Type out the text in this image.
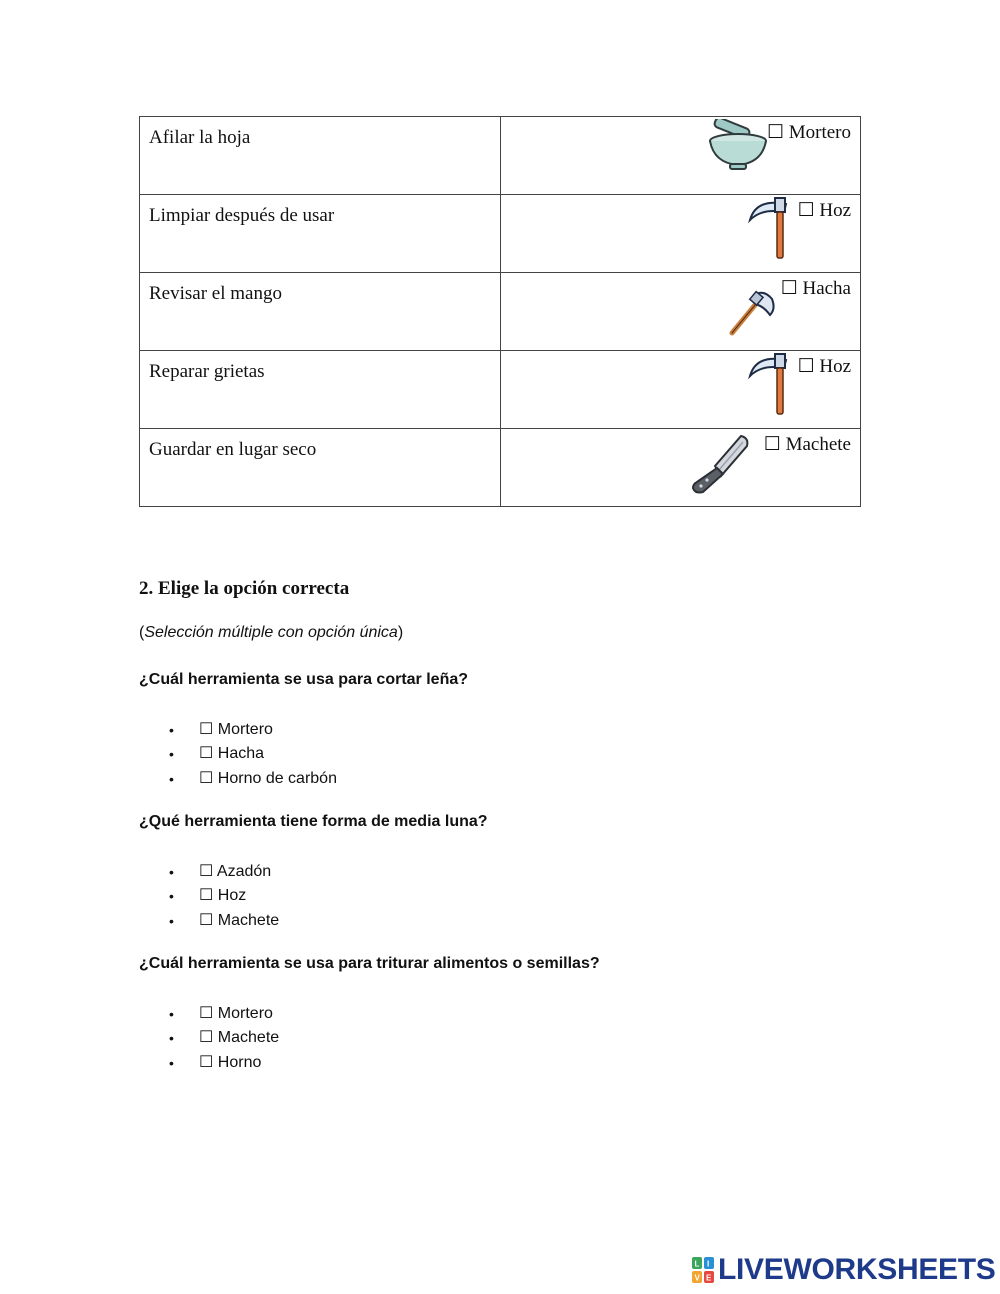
Afilar la hoja	☐ Mortero

Limpiar después de usar	☐ Hoz

Revisar el mango	☐ Hacha

Reparar grietas	☐ Hoz

Guardar en lugar seco	☐ Machete
2. Elige la opción correcta
(Selección múltiple con opción única)
¿Cuál herramienta se usa para cortar leña?
• ☐ Mortero
• ☐ Hacha
• ☐ Horno de carbón
¿Qué herramienta tiene forma de media luna?
• ☐ Azadón
• ☐ Hoz
• ☐ Machete
¿Cuál herramienta se usa para triturar alimentos o semillas?
• ☐ Mortero
• ☐ Machete
• ☐ Horno
L I
V E LIVEWORKSHEETS
